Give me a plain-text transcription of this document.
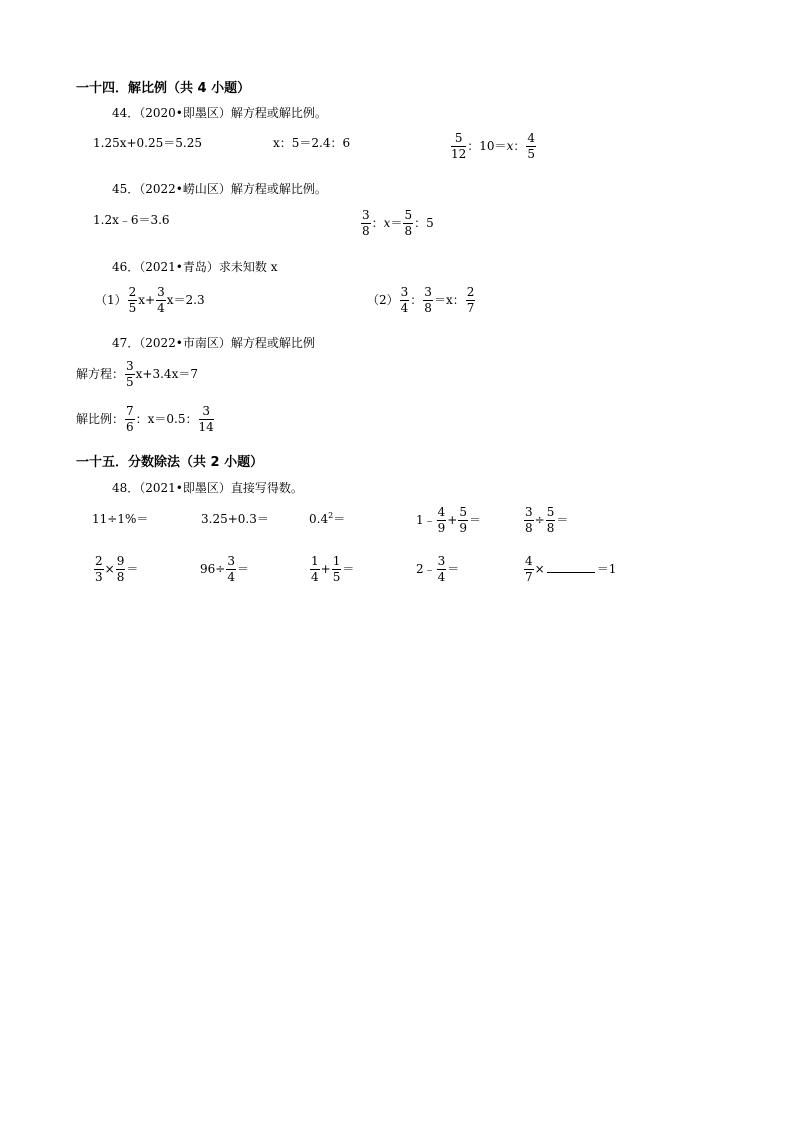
一十四．解比例（共 4 小题）
44．（2020•即墨区）解方程或解比例。
1.25x+0.25＝5.25	x：5＝2.4：6	$\frac{5}{12}$ ：10＝x： $\frac{4}{5}$
45．（2022•崂山区）解方程或解比例。
1.2x﹣6＝3.6	$\frac{3}{8}$ ：$x= \frac{5}{8}$ ：5
46．（2021•青岛）求未知数 x
$(1) \frac{2}{5} x+ \frac{3}{4} x=2.3$	$(2) \frac{3}{4}$ ： $\frac{3}{8} =x$： $\frac{2}{7}$
47．（2022•市南区）解方程或解比例
解方程： $\frac{3}{5} x+3.4x=7$
解比例： $\frac{7}{6}$ ：x＝0.5： $\frac{3}{14}$
一十五．分数除法（共 2 小题）
48．（2021•即墨区）直接写得数。
11÷1%＝	3.25+0.3＝	$0.4^2=$	1﹣ $\frac{4}{9} + \frac{5}{9}$ ＝	$\frac{3}{8} \div \frac{5}{8}$ ＝
$\frac{2}{3} \times \frac{9}{8}$ ＝	$96\div \frac{3}{4}$ ＝	$\frac{1}{4} + \frac{1}{5}$ ＝	2﹣ $\frac{3}{4}$ ＝	$\frac{4}{7}$ ×	＝1
